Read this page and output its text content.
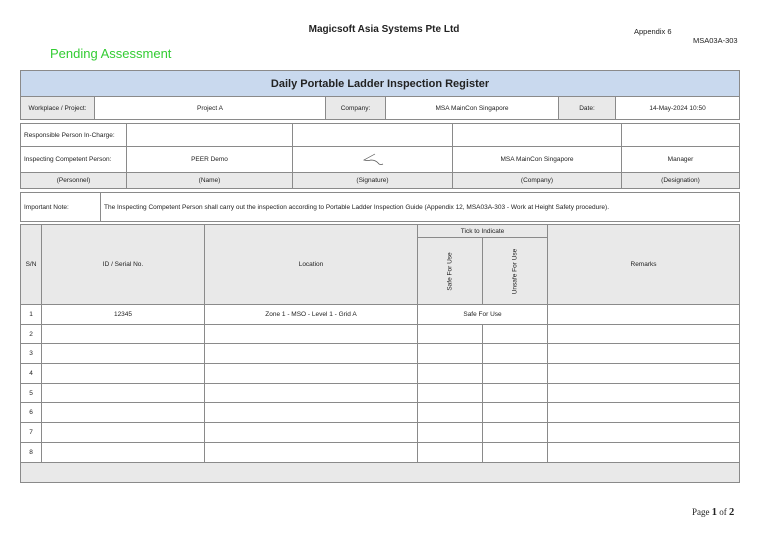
Magicsoft Asia Systems Pte Ltd	Appendix 6
MSA03A-303
Pending Assessment
Daily Portable Ladder Inspection Register
Workplace / Project:	Project A	Company:	MSA MainCon Singapore	Date:	14-May-2024 10:50
Responsible Person In-Charge:				
Inspecting Competent Person:	PEER Demo		MSA MainCon Singapore	Manager
(Personnel)	(Name)	(Signature)	(Company)	(Designation)
Important Note:	The Inspecting Competent Person shall carry out the inspection according to Portable Ladder Inspection Guide (Appendix 12, MSA03A-303 - Work at Height Safety procedure).
S/N	ID / Serial No.	Location	Tick to Indicate		Remarks
			Safe For Use	Unsafe For Use	
1	12345	Zone 1 - MSO - Level 1 - Grid A	Safe For Use		
2					
3					
4					
5					
6					
7					
8					

Page 1 of 2
